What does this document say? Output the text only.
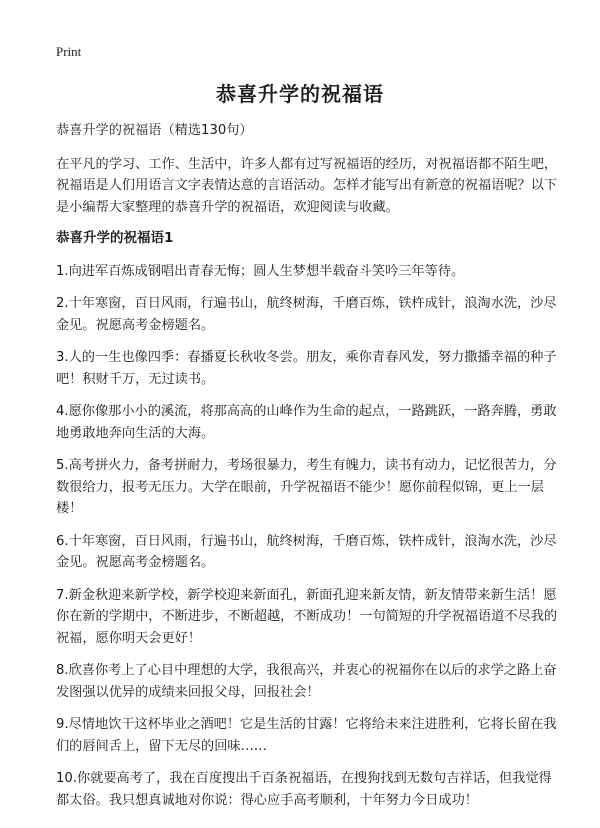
Print
恭喜升学的祝福语

恭喜升学的祝福语（精选130句）

在平凡的学习、工作、生活中，许多人都有过写祝福语的经历，对祝福语都不陌生吧，祝福语是人们用语言文字表情达意的言语活动。怎样才能写出有新意的祝福语呢？以下是小编帮大家整理的恭喜升学的祝福语，欢迎阅读与收藏。

恭喜升学的祝福语1

1.向进军百炼成钢唱出青春无悔；圆人生梦想半载奋斗笑吟三年等待。
2.十年寒窗，百日风雨，行遍书山，航终树海，千磨百炼，铁杵成针，浪淘水洗，沙尽金见。祝愿高考金榜题名。
3.人的一生也像四季：春播夏长秋收冬尝。朋友，乘你青春风发，努力撒播幸福的种子吧！积财千万，无过读书。
4.愿你像那小小的溪流，将那高高的山峰作为生命的起点，一路跳跃，一路奔腾，勇敢地勇敢地奔向生活的大海。
5.高考拼火力，备考拼耐力，考场很暴力，考生有魄力，读书有动力，记忆很苦力，分数很给力，报考无压力。大学在眼前，升学祝福语不能少！愿你前程似锦，更上一层楼！
6.十年寒窗，百日风雨，行遍书山，航终树海，千磨百炼，铁杵成针，浪淘水洗，沙尽金见。祝愿高考金榜题名。
7.新金秋迎来新学校，新学校迎来新面孔，新面孔迎来新友情，新友情带来新生活！愿你在新的学期中，不断进步，不断超越，不断成功！一句简短的升学祝福语道不尽我的祝福，愿你明天会更好！
8.欣喜你考上了心目中理想的大学，我很高兴，并衷心的祝福你在以后的求学之路上奋发图强以优异的成绩来回报父母，回报社会！
9.尽情地饮干这杯毕业之酒吧！它是生活的甘露！它将给未来注进胜利，它将长留在我们的唇间舌上，留下无尽的回味……
10.你就要高考了，我在百度搜出千百条祝福语，在搜狗找到无数句吉祥话，但我觉得都太俗。我只想真诚地对你说：得心应手高考顺利，十年努力今日成功！
